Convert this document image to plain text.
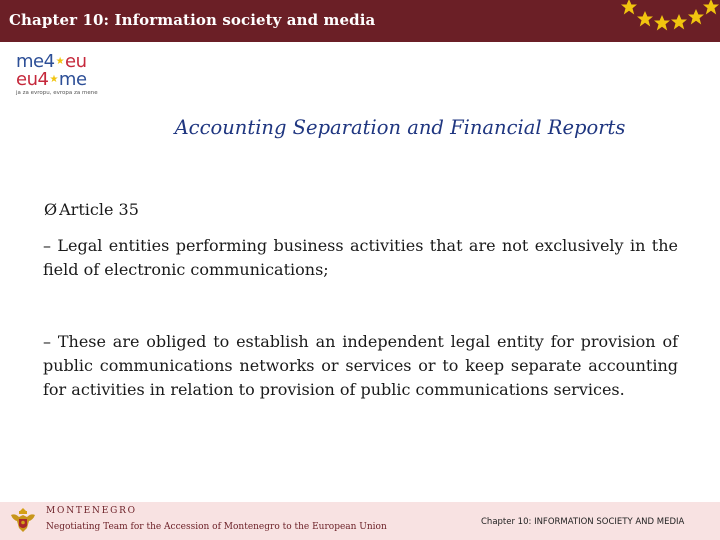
Chapter 10: Information society and media
me4★eu
eu4★me
ja za evropu, evropa za mene
Accounting Separation and Financial Reports
Ø Article 35
– Legal entities performing business activities that are not exclusively in the field of electronic communications;
– These are obliged to establish an independent legal entity for provision of public communications networks or services or to keep separate accounting for activities in relation to provision of public communications services.
MONTENEGRO
Negotiating Team for the Accession of Montenegro to the European Union	Chapter 10: INFORMATION SOCIETY AND MEDIA
